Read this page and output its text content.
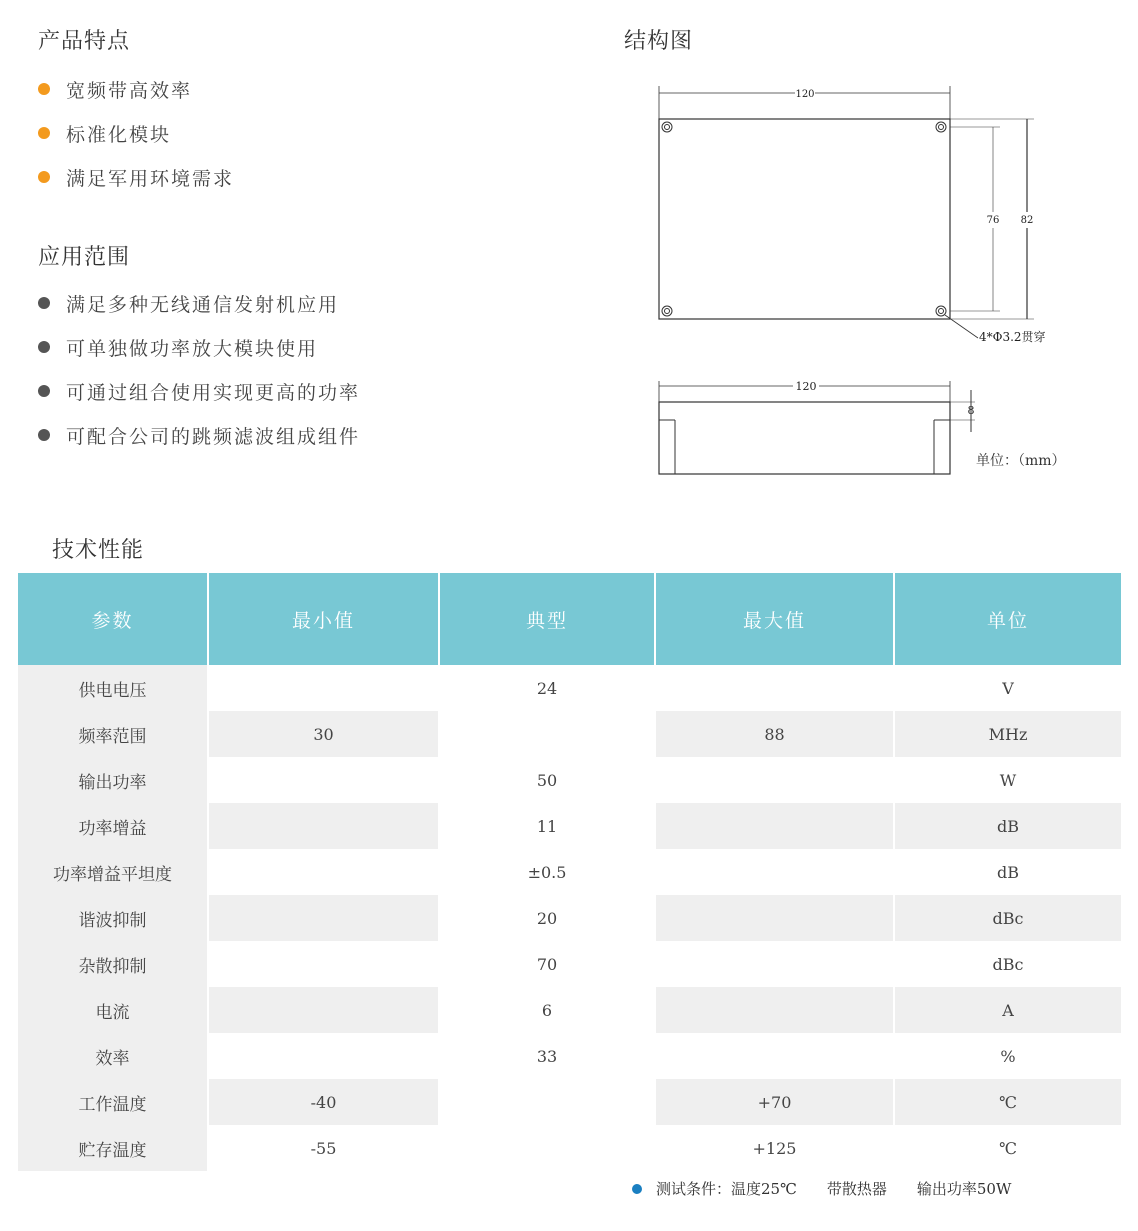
产品特点
宽频带高效率
标准化模块
满足军用环境需求
应用范围
满足多种无线通信发射机应用
可单独做功率放大模块使用
可通过组合使用实现更高的功率
可配合公司的跳频滤波组成组件
结构图
120
76 82
4*Φ3.2贯穿
120
8
单位：（mm）
技术性能
参数	最小值	典型	最大值	单位
供电电压		24		V
频率范围	30		88	MHz
输出功率		50		W
功率增益		11		dB
功率增益平坦度		±0.5		dB
谐波抑制		20		dBc
杂散抑制		70		dBc
电流		6		A
效率		33		%
工作温度	-40		+70	℃
贮存温度	-55		+125	℃
测试条件：温度25℃ 带散热器 输出功率50W
